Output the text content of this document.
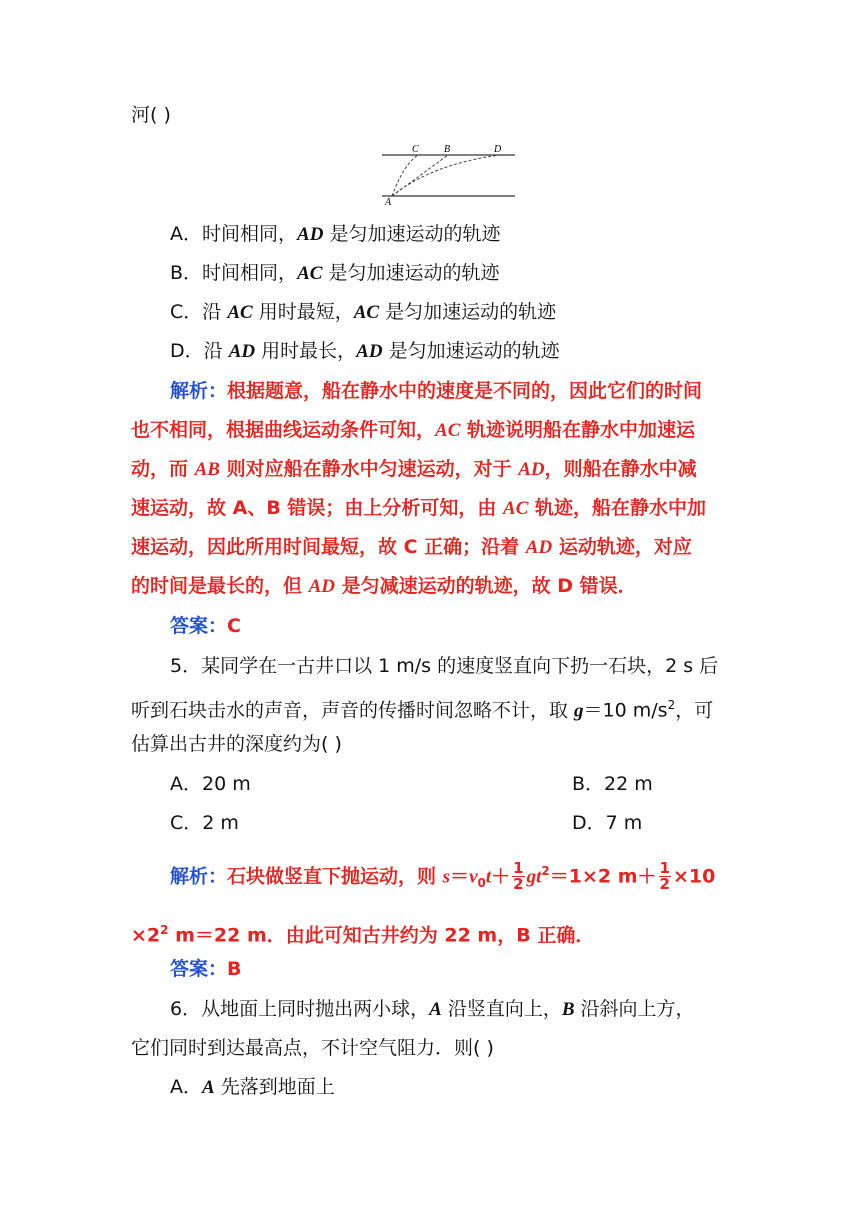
河( )
C	B	D
A
A．时间相同，AD 是匀加速运动的轨迹
B．时间相同，AC 是匀加速运动的轨迹
C．沿 AC 用时最短，AC 是匀加速运动的轨迹
D．沿 AD 用时最长，AD 是匀加速运动的轨迹
解析：根据题意，船在静水中的速度是不同的，因此它们的时间
也不相同，根据曲线运动条件可知，AC 轨迹说明船在静水中加速运
动，而 AB 则对应船在静水中匀速运动，对于 AD，则船在静水中减
速运动，故 A、B 错误；由上分析可知，由 AC 轨迹，船在静水中加
速运动，因此所用时间最短，故 C 正确；沿着 AD 运动轨迹，对应
的时间是最长的，但 AD 是匀减速运动的轨迹，故 D 错误．
答案：C
5．某同学在一古井口以 1 m/s 的速度竖直向下扔一石块，2 s 后
听到石块击水的声音，声音的传播时间忽略不计，取 g＝10 $m/s^2$，可
估算出古井的深度约为( )
A．20 m	B．22 m
C．2 m	D．7 m
解析：石块做竖直下抛运动，则 $s=v_0t+ \frac{1}{2} gt^2=1\times 2$ $m+ \frac{1}{2} \times 10$
$\times 2^2$ m＝22 m．由此可知古井约为 22 m，B 正确．
答案：B
6．从地面上同时抛出两小球，A 沿竖直向上，B 沿斜向上方，
它们同时到达最高点，不计空气阻力．则( )
A．A 先落到地面上
